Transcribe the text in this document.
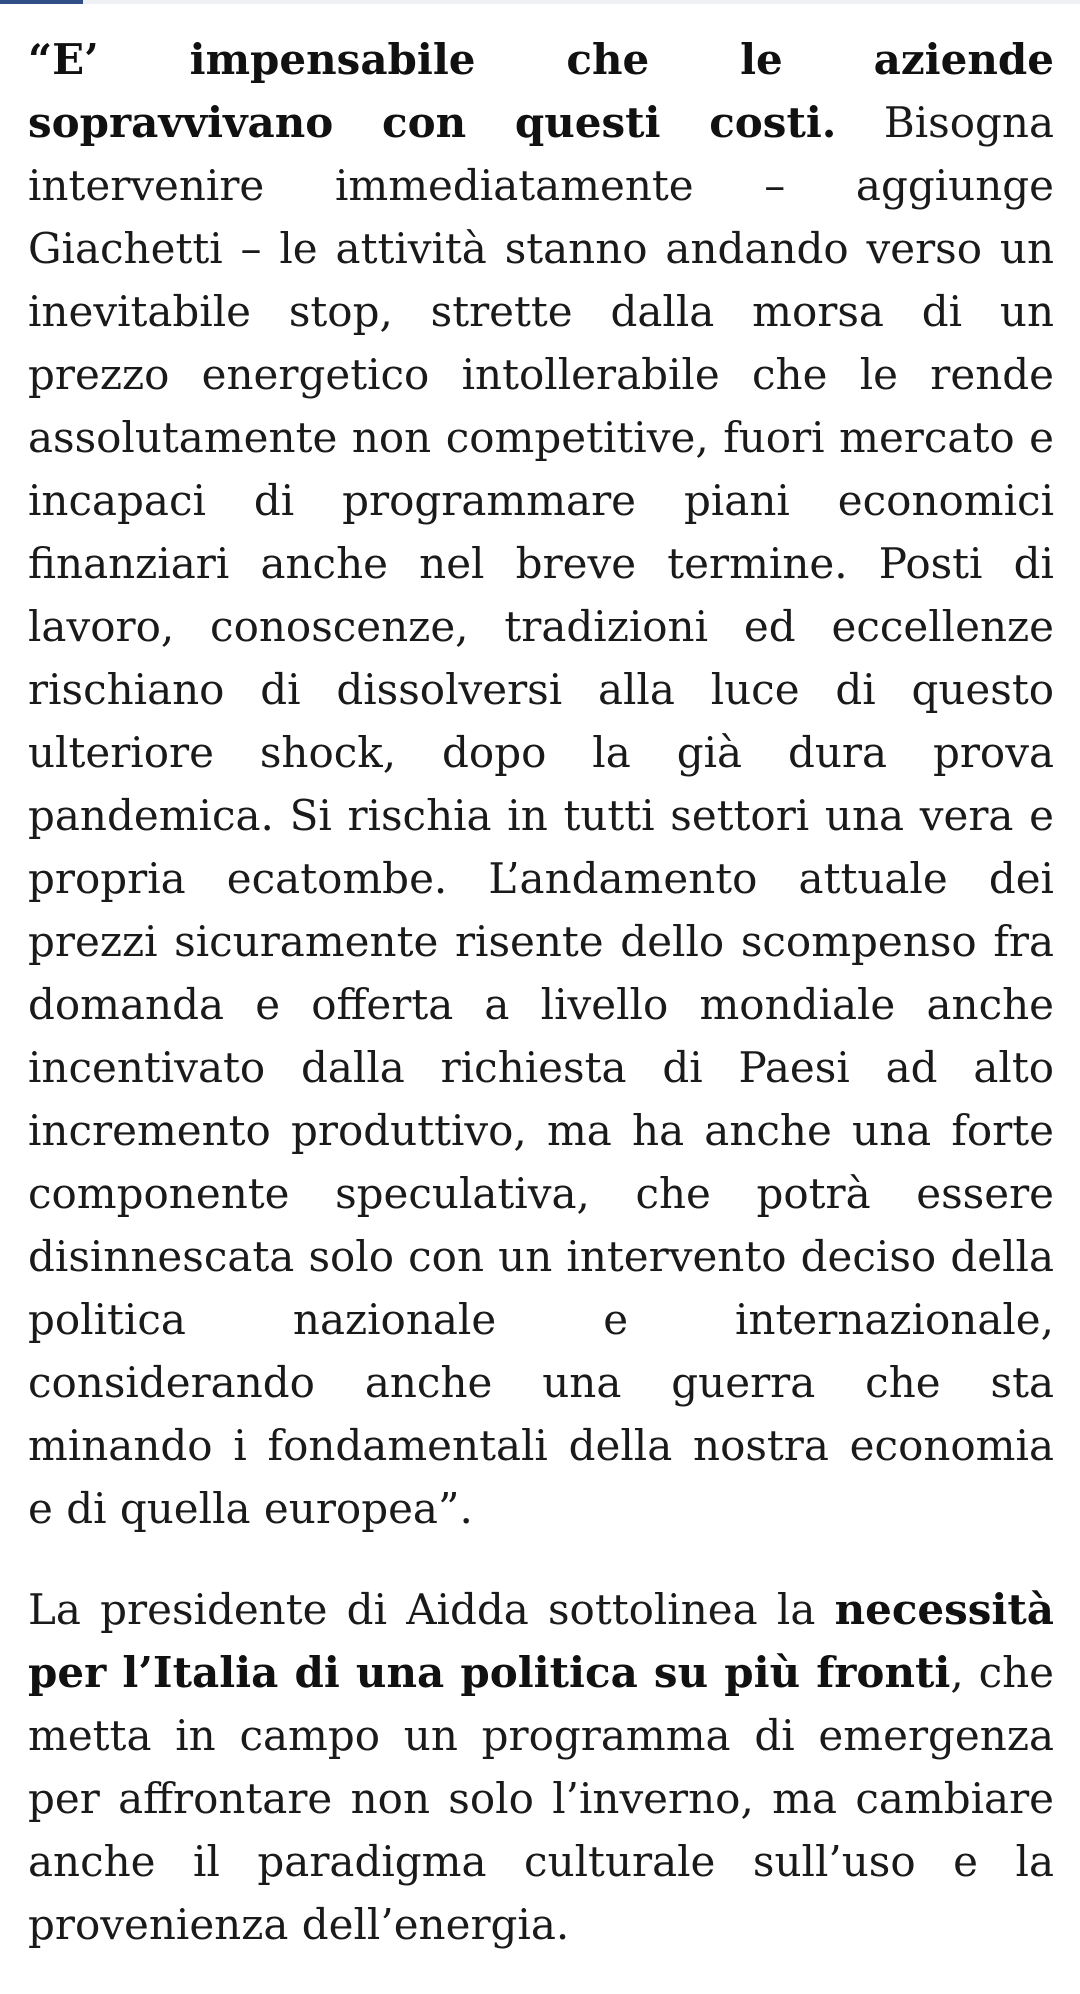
“E’ impensabile che le aziende sopravvivano con questi costi. Bisogna intervenire immediatamente – aggiunge Giachetti – le attività stanno andando verso un inevitabile stop, strette dalla morsa di un prezzo energetico intollerabile che le rende assolutamente non competitive, fuori mercato e incapaci di programmare piani economici finanziari anche nel breve termine. Posti di lavoro, conoscenze, tradizioni ed eccellenze rischiano di dissolversi alla luce di questo ulteriore shock, dopo la già dura prova pandemica. Si rischia in tutti settori una vera e propria ecatombe. L’andamento attuale dei prezzi sicuramente risente dello scompenso fra domanda e offerta a livello mondiale anche incentivato dalla richiesta di Paesi ad alto incremento produttivo, ma ha anche una forte componente speculativa, che potrà essere disinnescata solo con un intervento deciso della politica nazionale e internazionale, considerando anche una guerra che sta minando i fondamentali della nostra economia e di quella europea”.

La presidente di Aidda sottolinea la necessità per l’Italia di una politica su più fronti, che metta in campo un programma di emergenza per affrontare non solo l’inverno, ma cambiare anche il paradigma culturale sull’uso e la provenienza dell’energia.
